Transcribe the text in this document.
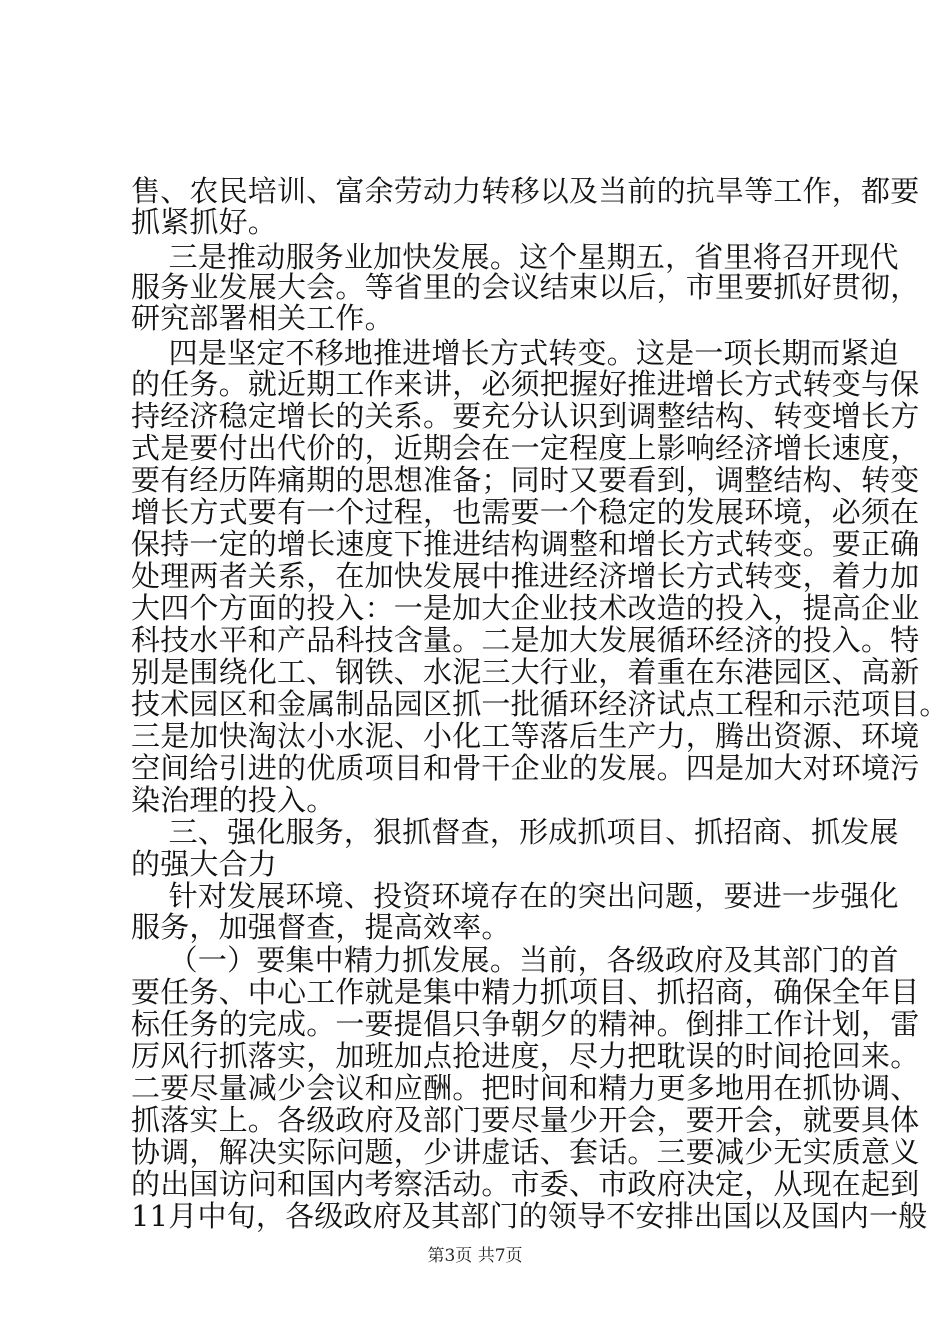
售、农民培训、富余劳动力转移以及当前的抗旱等工作，都要
抓紧抓好。
三是推动服务业加快发展。这个星期五，省里将召开现代
服务业发展大会。等省里的会议结束以后，市里要抓好贯彻，
研究部署相关工作。
四是坚定不移地推进增长方式转变。这是一项长期而紧迫
的任务。就近期工作来讲，必须把握好推进增长方式转变与保
持经济稳定增长的关系。要充分认识到调整结构、转变增长方
式是要付出代价的，近期会在一定程度上影响经济增长速度，
要有经历阵痛期的思想准备；同时又要看到，调整结构、转变
增长方式要有一个过程，也需要一个稳定的发展环境，必须在
保持一定的增长速度下推进结构调整和增长方式转变。要正确
处理两者关系，在加快发展中推进经济增长方式转变，着力加
大四个方面的投入：一是加大企业技术改造的投入，提高企业
科技水平和产品科技含量。二是加大发展循环经济的投入。特
别是围绕化工、钢铁、水泥三大行业，着重在东港园区、高新
技术园区和金属制品园区抓一批循环经济试点工程和示范项目。
三是加快淘汰小水泥、小化工等落后生产力，腾出资源、环境
空间给引进的优质项目和骨干企业的发展。四是加大对环境污
染治理的投入。
三、强化服务，狠抓督查，形成抓项目、抓招商、抓发展
的强大合力
针对发展环境、投资环境存在的突出问题，要进一步强化
服务，加强督查，提高效率。
（一）要集中精力抓发展。当前，各级政府及其部门的首
要任务、中心工作就是集中精力抓项目、抓招商，确保全年目
标任务的完成。一要提倡只争朝夕的精神。倒排工作计划，雷
厉风行抓落实，加班加点抢进度，尽力把耽误的时间抢回来。
二要尽量减少会议和应酬。把时间和精力更多地用在抓协调、
抓落实上。各级政府及部门要尽量少开会，要开会，就要具体
协调，解决实际问题，少讲虚话、套话。三要减少无实质意义
的出国访问和国内考察活动。市委、市政府决定，从现在起到
11月中旬，各级政府及其部门的领导不安排出国以及国内一般
第3页 共7页
